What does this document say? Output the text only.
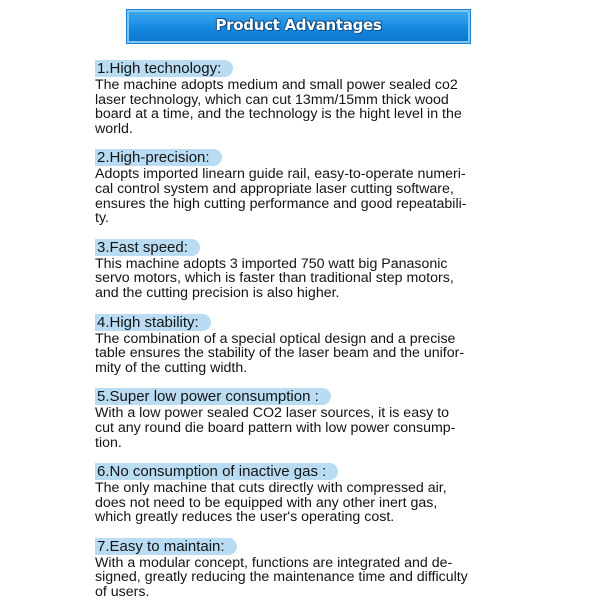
Product Advantages
1.High technology:

The machine adopts medium and small power sealed co2
laser technology, which can cut 13mm/15mm thick wood
board at a time, and the technology is the hight level in the
world.

2.High-precision:

Adopts imported linearn guide rail, easy-to-operate numeri-
cal control system and appropriate laser cutting software,
ensures the high cutting performance and good repeatabili-
ty.

3.Fast speed:

This machine adopts 3 imported 750 watt big Panasonic
servo motors, which is faster than traditional step motors,
and the cutting precision is also higher.

4.High stability:

The combination of a special optical design and a precise
table ensures the stability of the laser beam and the unifor-
mity of the cutting width.

5.Super low power consumption :

With a low power sealed CO2 laser sources, it is easy to
cut any round die board pattern with low power consump-
tion.

6.No consumption of inactive gas :

The only machine that cuts directly with compressed air,
does not need to be equipped with any other inert gas,
which greatly reduces the user's operating cost.

7.Easy to maintain:

With a modular concept, functions are integrated and de-
signed, greatly reducing the maintenance time and difficulty
of users.
